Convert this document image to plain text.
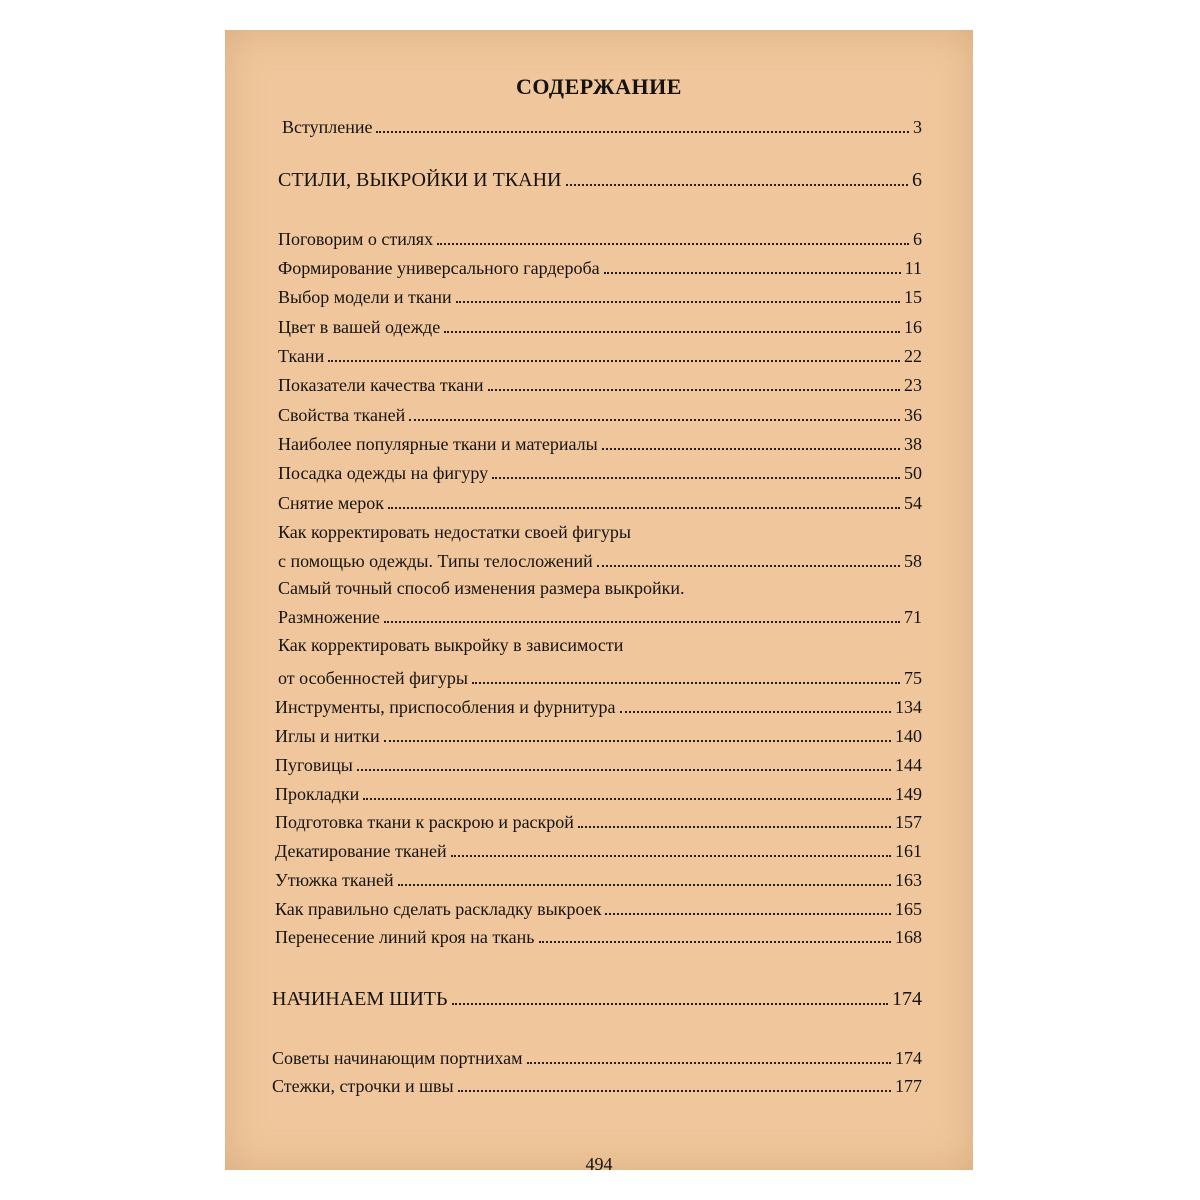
СОДЕРЖАНИЕ
Вступление	3
СТИЛИ, ВЫКРОЙКИ И ТКАНИ	6
Поговорим о стилях	6
Формирование универсального гардероба	11
Выбор модели и ткани	15
Цвет в вашей одежде	16
Ткани	22
Показатели качества ткани	23
Свойства тканей	36
Наиболее популярные ткани и материалы	38
Посадка одежды на фигуру	50
Снятие мерок	54
Как корректировать недостатки своей фигуры
с помощью одежды. Типы телосложений	58
Самый точный способ изменения размера выкройки.
Размножение	71
Как корректировать выкройку в зависимости
от особенностей фигуры	75
Инструменты, приспособления и фурнитура	134
Иглы и нитки	140
Пуговицы	144
Прокладки	149
Подготовка ткани к раскрою и раскрой	157
Декатирование тканей	161
Утюжка тканей	163
Как правильно сделать раскладку выкроек	165
Перенесение линий кроя на ткань	168
НАЧИНАЕМ ШИТЬ	174
Советы начинающим портнихам	174
Стежки, строчки и швы	177
494
